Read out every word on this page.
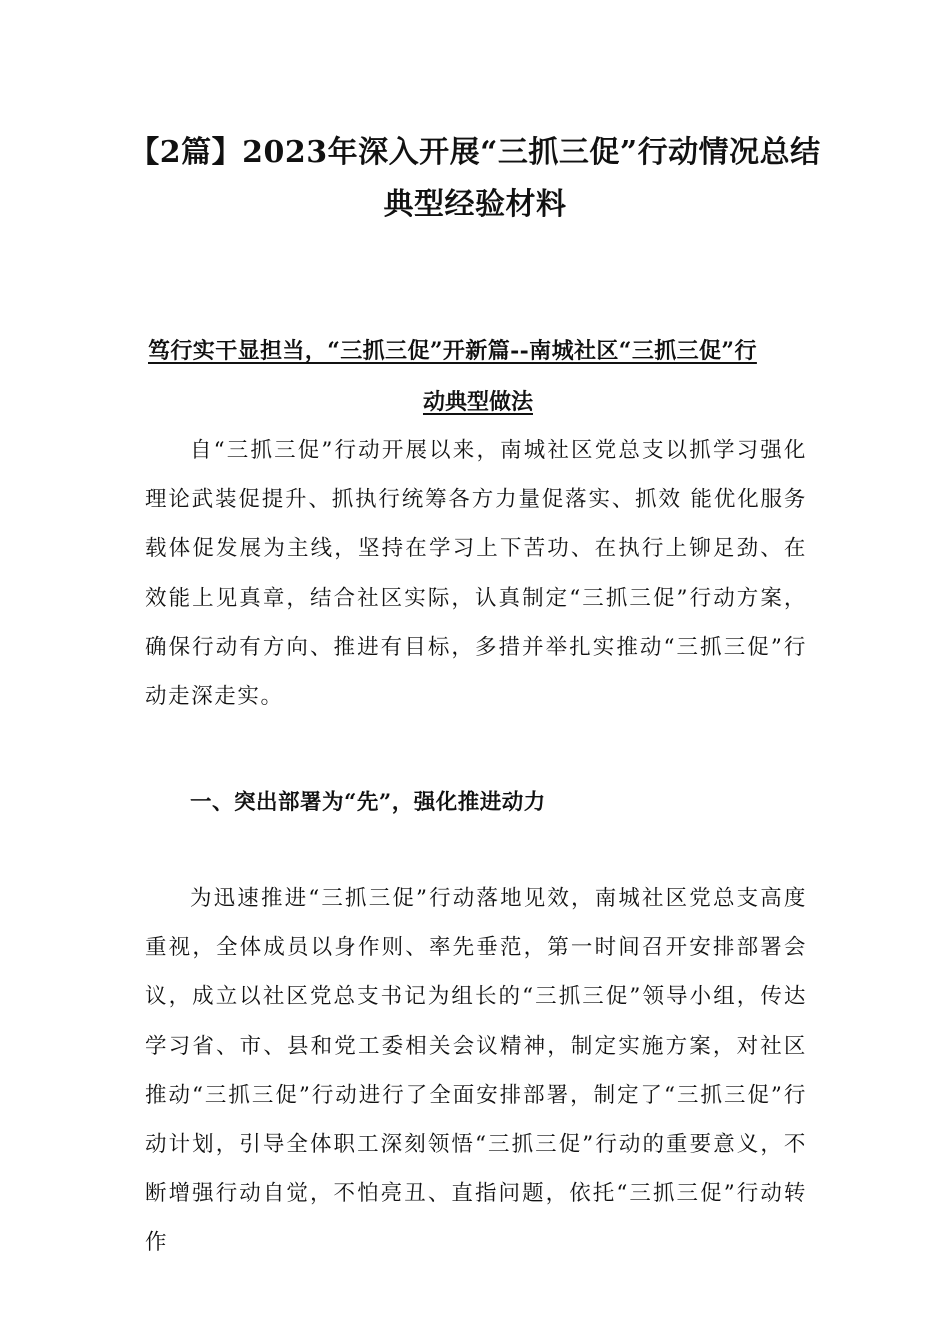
【2篇】2023年深入开展“三抓三促”行动情况总结
典型经验材料
笃行实干显担当，“三抓三促”开新篇--南城社区“三抓三促”行
动典型做法

自“三抓三促”行动开展以来，南城社区党总支以抓学习强化理论武装促提升、抓执行统筹各方力量促落实、抓效 能优化服务载体促发展为主线，坚持在学习上下苦功、在执行上铆足劲、在效能上见真章，结合社区实际，认真制定“三抓三促”行动方案，确保行动有方向、推进有目标，多措并举扎实推动“三抓三促”行动走深走实。

一、突出部署为“先”，强化推进动力

为迅速推进“三抓三促”行动落地见效，南城社区党总支高度重视，全体成员以身作则、率先垂范，第一时间召开安排部署会议，成立以社区党总支书记为组长的“三抓三促”领导小组，传达学习省、市、县和党工委相关会议精神，制定实施方案，对社区推动“三抓三促”行动进行了全面安排部署，制定了“三抓三促”行动计划，引导全体职工深刻领悟“三抓三促”行动的重要意义，不断增强行动自觉，不怕亮丑、直指问题，依托“三抓三促”行动转作
